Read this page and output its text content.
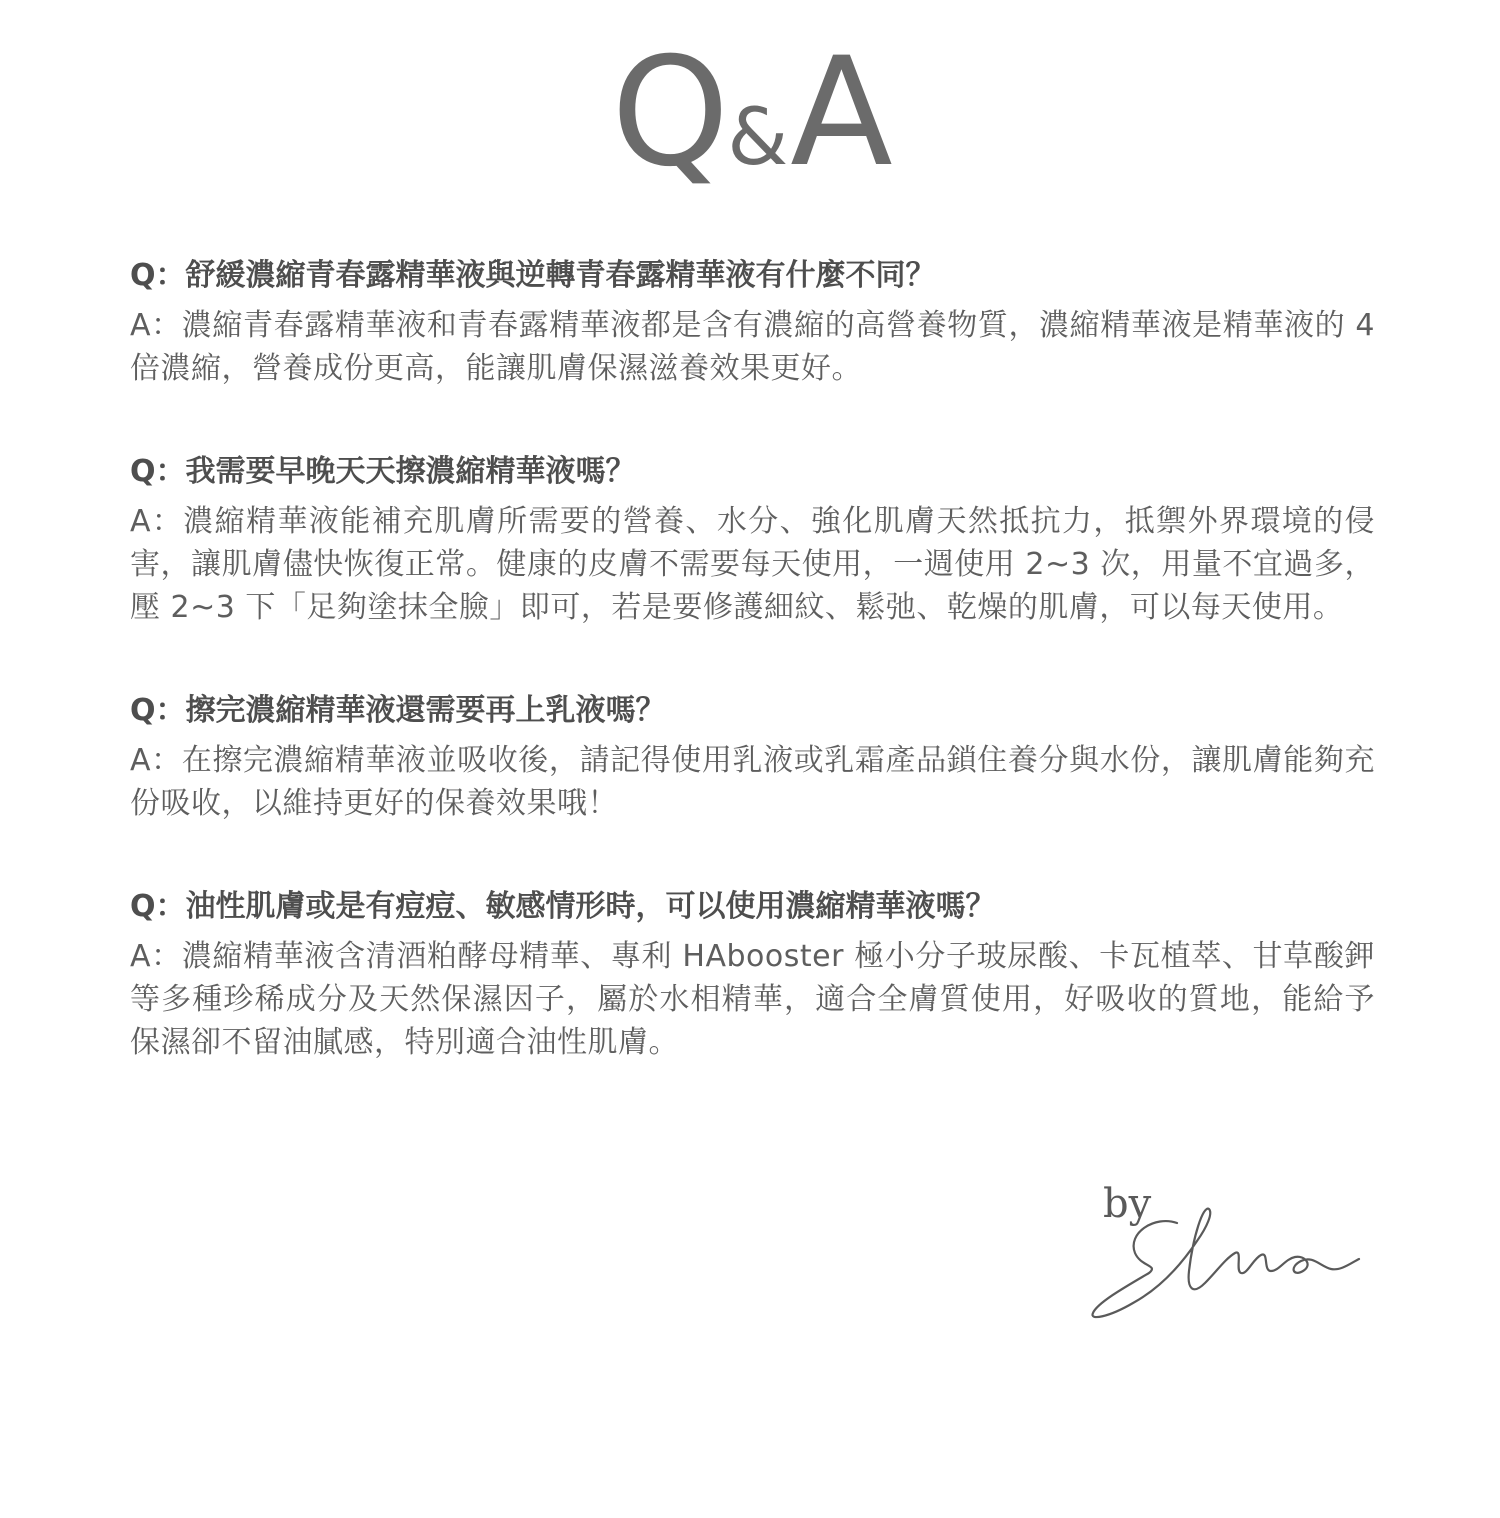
Q&A

Q：舒緩濃縮青春露精華液與逆轉青春露精華液有什麼不同？

A：濃縮青春露精華液和青春露精華液都是含有濃縮的高營養物質，濃縮精華液是精華液的 4 倍濃縮，營養成份更高，能讓肌膚保濕滋養效果更好。

Q：我需要早晚天天擦濃縮精華液嗎？

A：濃縮精華液能補充肌膚所需要的營養、水分、強化肌膚天然抵抗力，抵禦外界環境的侵害，讓肌膚儘快恢復正常。健康的皮膚不需要每天使用，一週使用 2~3 次，用量不宜過多，壓 2~3 下「足夠塗抹全臉」即可，若是要修護細紋、鬆弛、乾燥的肌膚，可以每天使用。

Q：擦完濃縮精華液還需要再上乳液嗎？

A：在擦完濃縮精華液並吸收後，請記得使用乳液或乳霜產品鎖住養分與水份，讓肌膚能夠充份吸收，以維持更好的保養效果哦！

Q：油性肌膚或是有痘痘、敏感情形時，可以使用濃縮精華液嗎？

A：濃縮精華液含清酒粕酵母精華、專利 HAbooster 極小分子玻尿酸、卡瓦植萃、甘草酸鉀等多種珍稀成分及天然保濕因子，屬於水相精華，適合全膚質使用，好吸收的質地，能給予保濕卻不留油膩感，特別適合油性肌膚。

by
